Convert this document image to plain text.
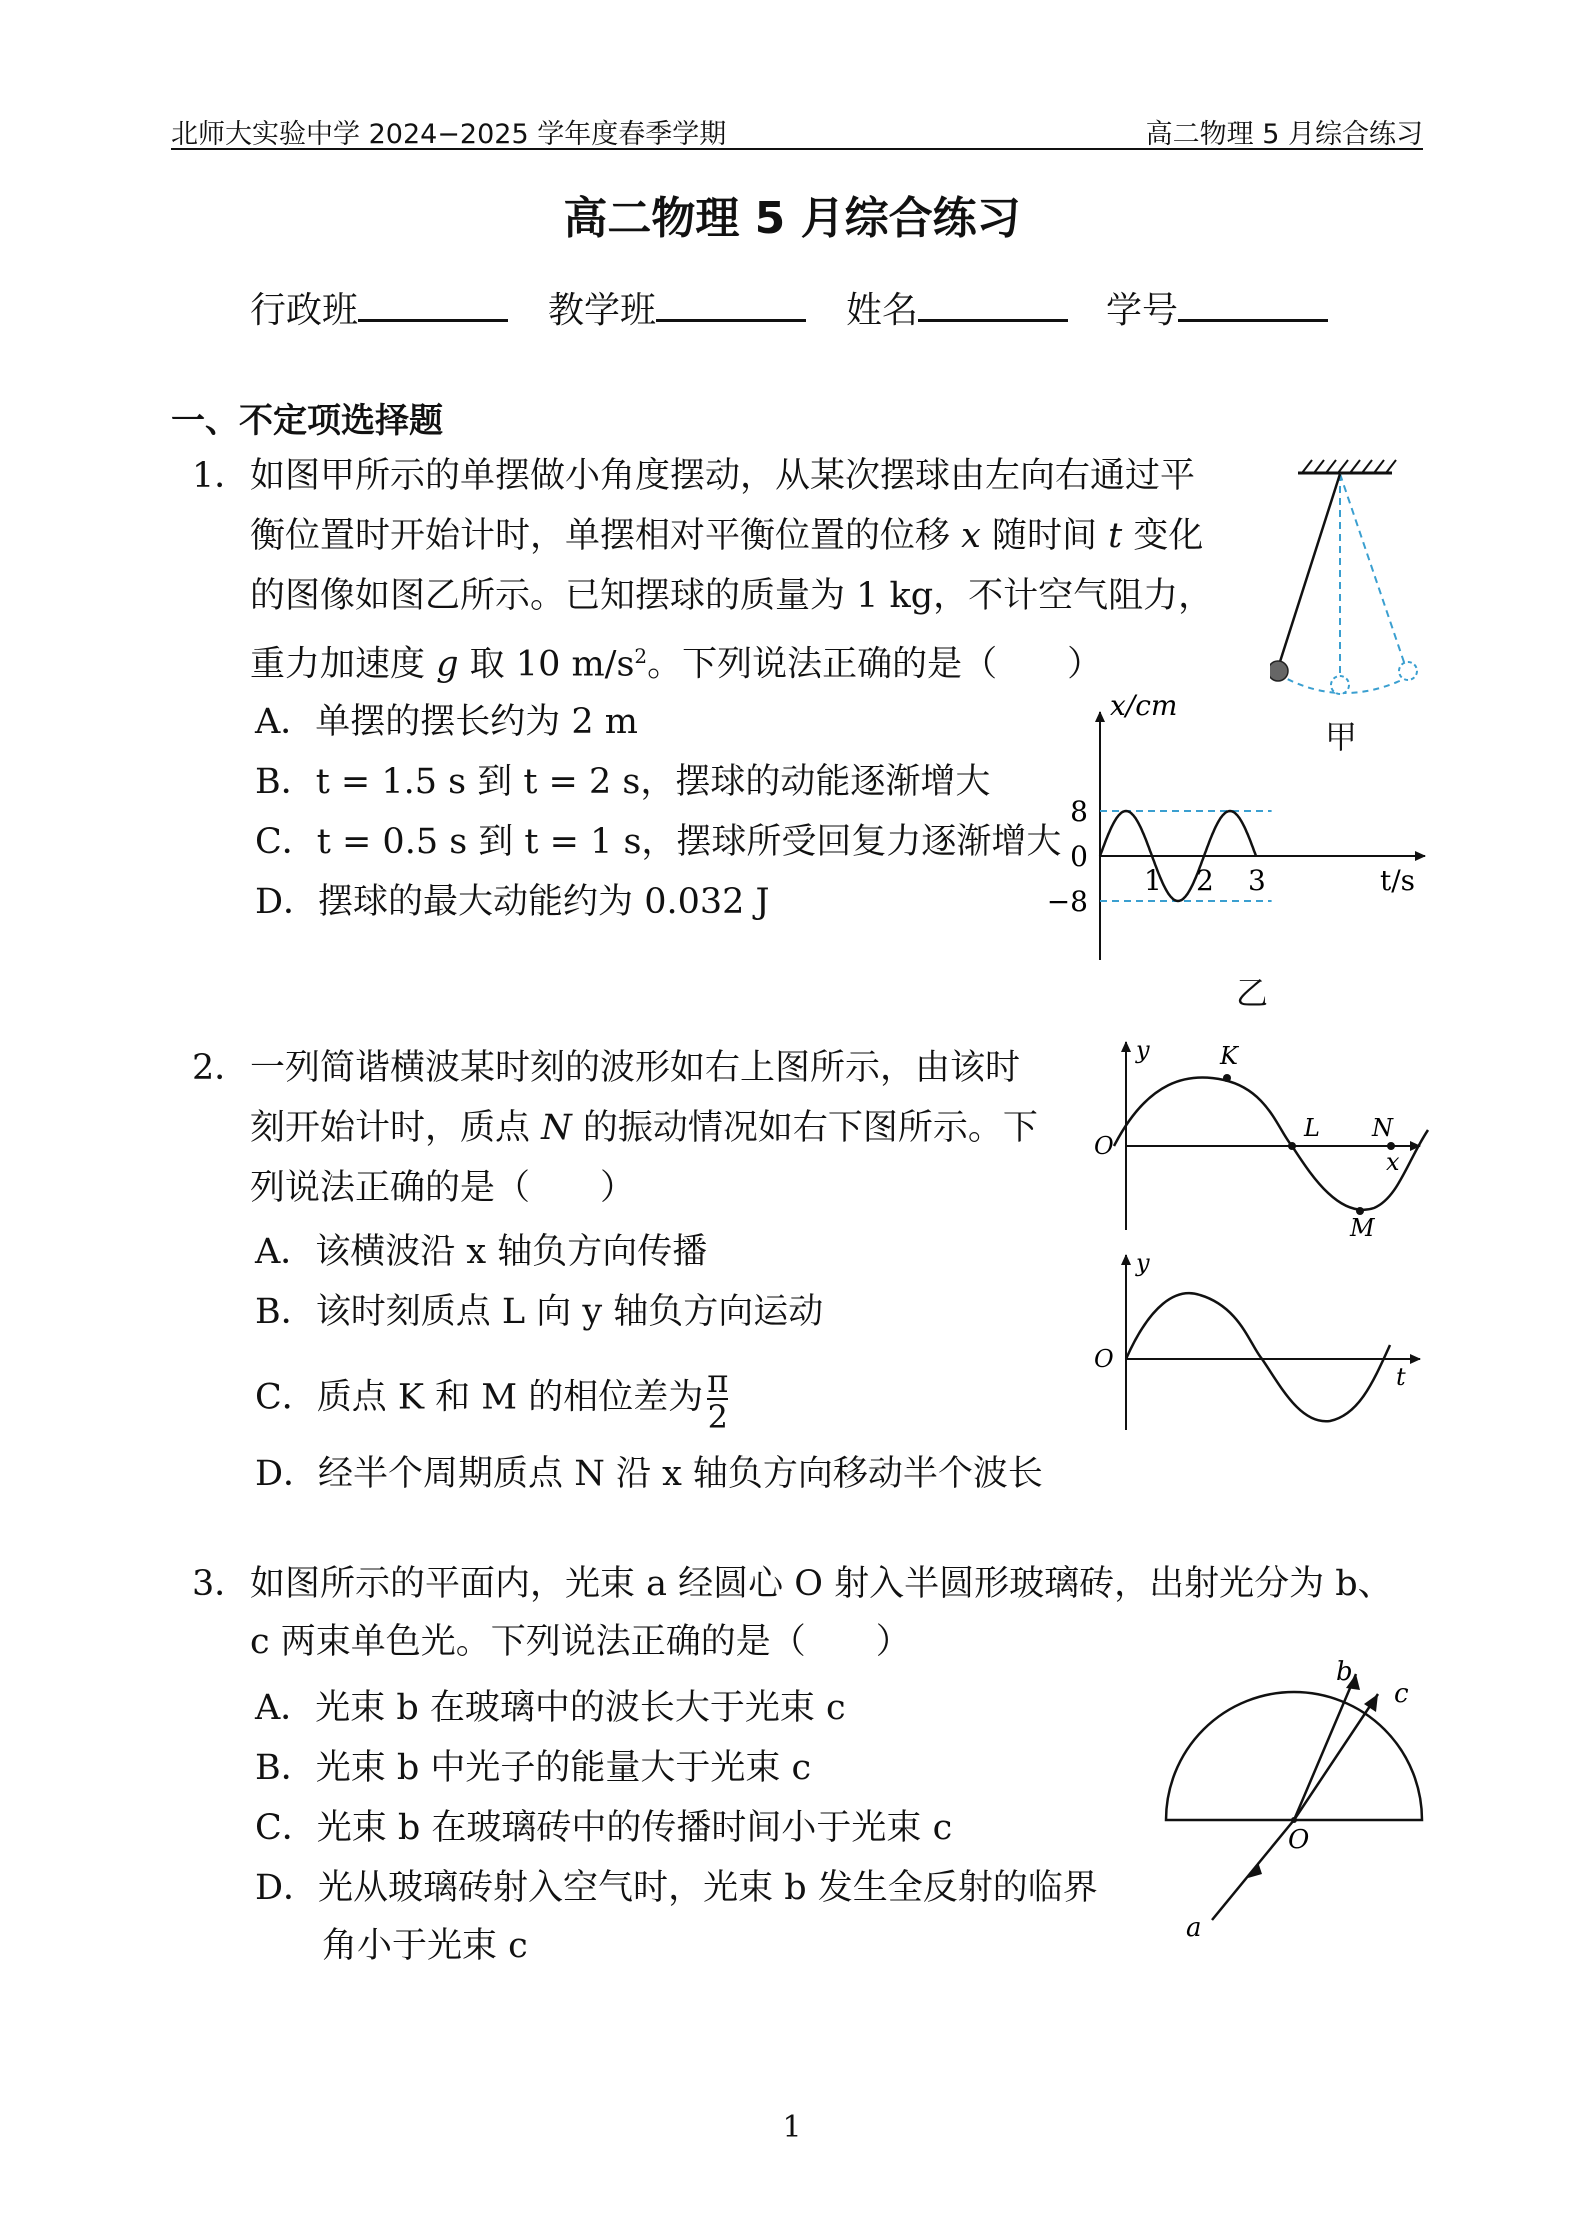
北师大实验中学 2024−2025 学年度春季学期	高二物理 5 月综合练习
高二物理 5 月综合练习
行政班	教学班	姓名	学号
一、不定项选择题
1． 如图甲所示的单摆做小角度摆动，从某次摆球由左向右通过平
衡位置时开始计时，单摆相对平衡位置的位移 x 随时间 t 变化
的图像如图乙所示。已知摆球的质量为 1 kg，不计空气阻力，
重力加速度 g 取 10 $m/s^2$。下列说法正确的是（　　）
A．单摆的摆长约为 2 m
B．t = 1.5 s 到 t = 2 s，摆球的动能逐渐增大
C．t = 0.5 s 到 t = 1 s，摆球所受回复力逐渐增大
D．摆球的最大动能约为 0.032 J
甲
x/cm
t/s
1 2 3
8
0
−8
乙
2． 一列简谐横波某时刻的波形如右上图所示，由该时
刻开始计时，质点 N 的振动情况如右下图所示。下
列说法正确的是（　　）
A．该横波沿 x 轴负方向传播
B．该时刻质点 L 向 y 轴负方向运动
C．质点 K 和 M 的相位差为 $\frac{\pi}{2}$
D．经半个周期质点 N 沿 x 轴负方向移动半个波长
y
O
x
K
L N
M
y
O
t
3． 如图所示的平面内，光束 a 经圆心 O 射入半圆形玻璃砖，出射光分为 b、
c 两束单色光。下列说法正确的是（　　）
A．光束 b 在玻璃中的波长大于光束 c
B．光束 b 中光子的能量大于光束 c
C．光束 b 在玻璃砖中的传播时间小于光束 c
D．光从玻璃砖射入空气时，光束 b 发生全反射的临界
角小于光束 c
O
a
b
c
1
